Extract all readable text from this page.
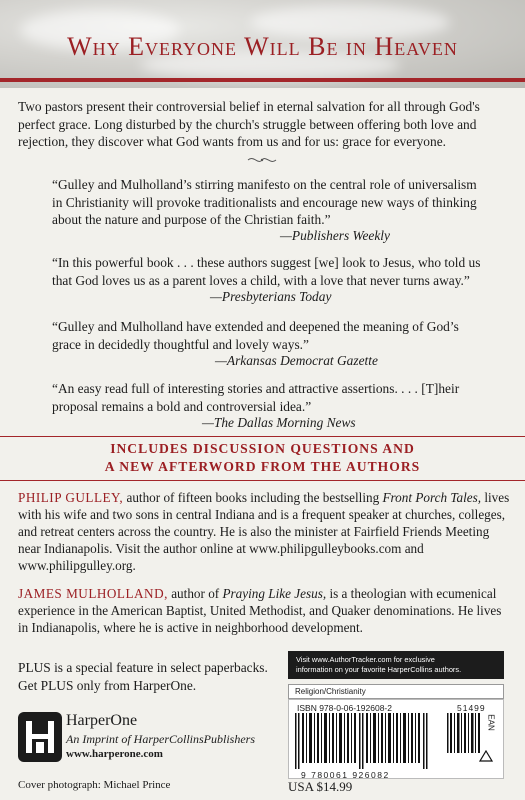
Why Everyone Will Be in Heaven
Two pastors present their controversial belief in eternal salvation for all through God's perfect grace. Long disturbed by the church's struggle between offering both love and rejection, they discover what God wants from us and for us: grace for everyone.
“Gulley and Mulholland’s stirring manifesto on the central role of universalism in Christianity will provoke traditionalists and encourage new ways of thinking about the nature and purpose of the Christian faith.”
—Publishers Weekly
“In this powerful book . . . these authors suggest [we] look to Jesus, who told us that God loves us as a parent loves a child, with a love that never turns away.”
—Presbyterians Today
“Gulley and Mulholland have extended and deepened the meaning of God’s grace in decidedly thoughtful and lovely ways.”
—Arkansas Democrat Gazette
“An easy read full of interesting stories and attractive assertions. . . . [T]heir proposal remains a bold and controversial idea.”
—The Dallas Morning News
INCLUDES DISCUSSION QUESTIONS AND
A NEW AFTERWORD FROM THE AUTHORS
PHILIP GULLEY, author of fifteen books including the bestselling Front Porch Tales, lives with his wife and two sons in central Indiana and is a frequent speaker at churches, colleges, and retreat centers across the country. He is also the minister at Fairfield Friends Meeting near Indianapolis. Visit the author online at www.philipgulleybooks.com and www.philipgulley.org.
JAMES MULHOLLAND, author of Praying Like Jesus, is a theologian with ecumenical experience in the American Baptist, United Methodist, and Quaker denominations. He lives in Indianapolis, where he is active in neighborhood development.
PLUS is a special feature in select paperbacks.
Get PLUS only from HarperOne.
HarperOne
An Imprint of HarperCollinsPublishers
www.harperone.com
Cover photograph: Michael Prince
Visit www.AuthorTracker.com for exclusive
information on your favorite HarperCollins authors.
Religion/Christianity
ISBN 978-0-06-192608-2
9 780061 926082
51499
EAN
USA $14.99
